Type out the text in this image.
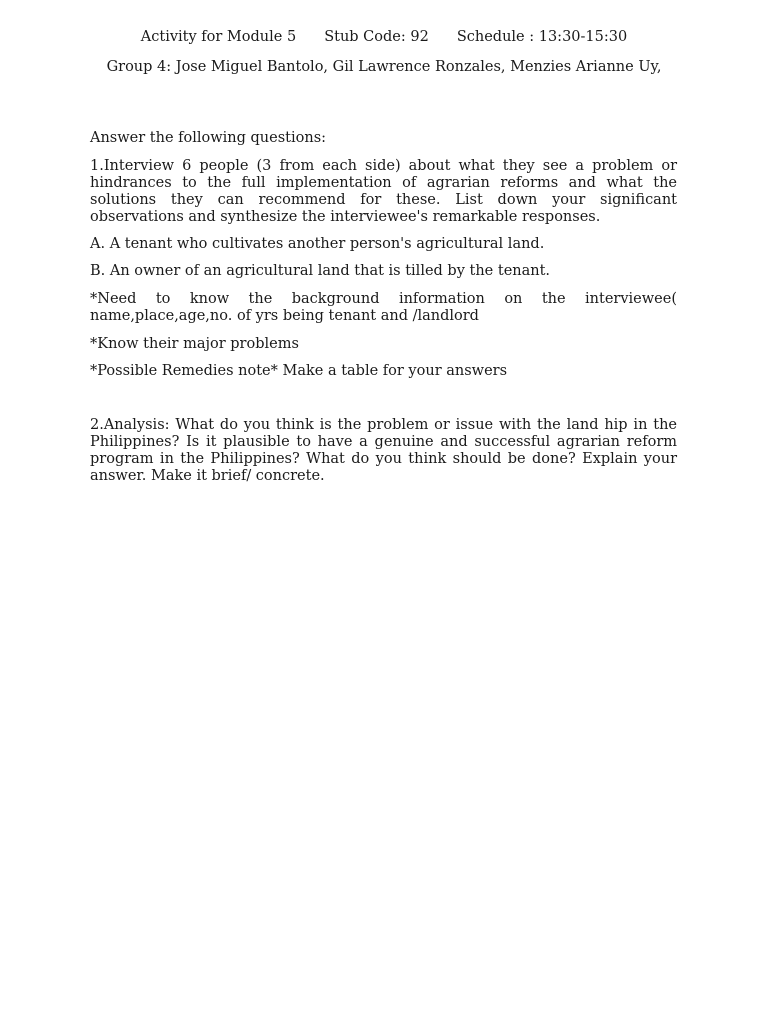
Activity for Module 5 Stub Code: 92 Schedule : 13:30-15:30
Group 4: Jose Miguel Bantolo, Gil Lawrence Ronzales, Menzies Arianne Uy,
Answer the following questions:
1.Interview 6 people (3 from each side) about what they see a problem or hindrances to the full implementation of agrarian reforms and what the solutions they can recommend for these. List down your significant observations and synthesize the interviewee's remarkable responses.
A. A tenant who cultivates another person's agricultural land.
B. An owner of an agricultural land that is tilled by the tenant.
*Need to know the background information on the interviewee( name,place,age,no. of yrs being tenant and /landlord
*Know their major problems
*Possible Remedies note* Make a table for your answers
2.Analysis: What do you think is the problem or issue with the land hip in the Philippines? Is it plausible to have a genuine and successful agrarian reform program in the Philippines? What do you think should be done? Explain your answer. Make it brief/ concrete.
